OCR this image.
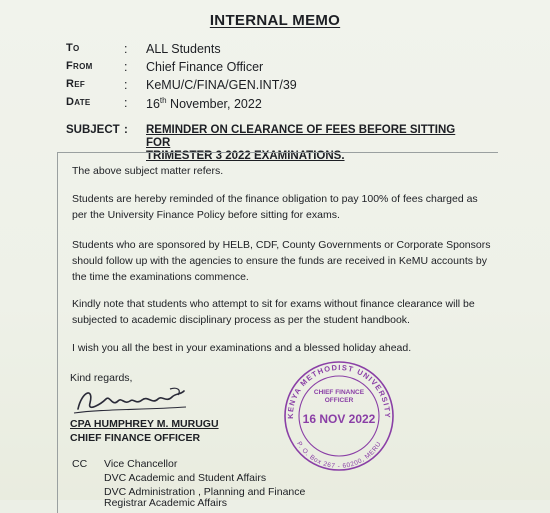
INTERNAL MEMO
To	: ALL Students
From	: Chief Finance Officer
Ref	: KeMU/C/FINA/GEN.INT/39
Date	: 16th November, 2022
SUBJECT : REMINDER ON CLEARANCE OF FEES BEFORE SITTING FOR
TRIMESTER 3 2022 EXAMINATIONS.
The above subject matter refers.
Students are hereby reminded of the finance obligation to pay 100% of fees charged as per the University Finance Policy before sitting for exams.
Students who are sponsored by HELB, CDF, County Governments or Corporate Sponsors should follow up with the agencies to ensure the funds are received in KeMU accounts by the time the examinations commence.
Kindly note that students who attempt to sit for exams without finance clearance will be subjected to academic disciplinary process as per the student handbook.
I wish you all the best in your examinations and a blessed holiday ahead.
Kind regards,
CPA HUMPHREY M. MURUGU
CHIEF FINANCE OFFICER
KENYA METHODIST UNIVERSITY
P. O. Box 267 - 60200, MERU
CHIEF FINANCE
OFFICER
16 NOV 2022
CC Vice Chancellor
DVC Academic and Student Affairs
DVC Administration , Planning and Finance
Registrar Academic Affairs
